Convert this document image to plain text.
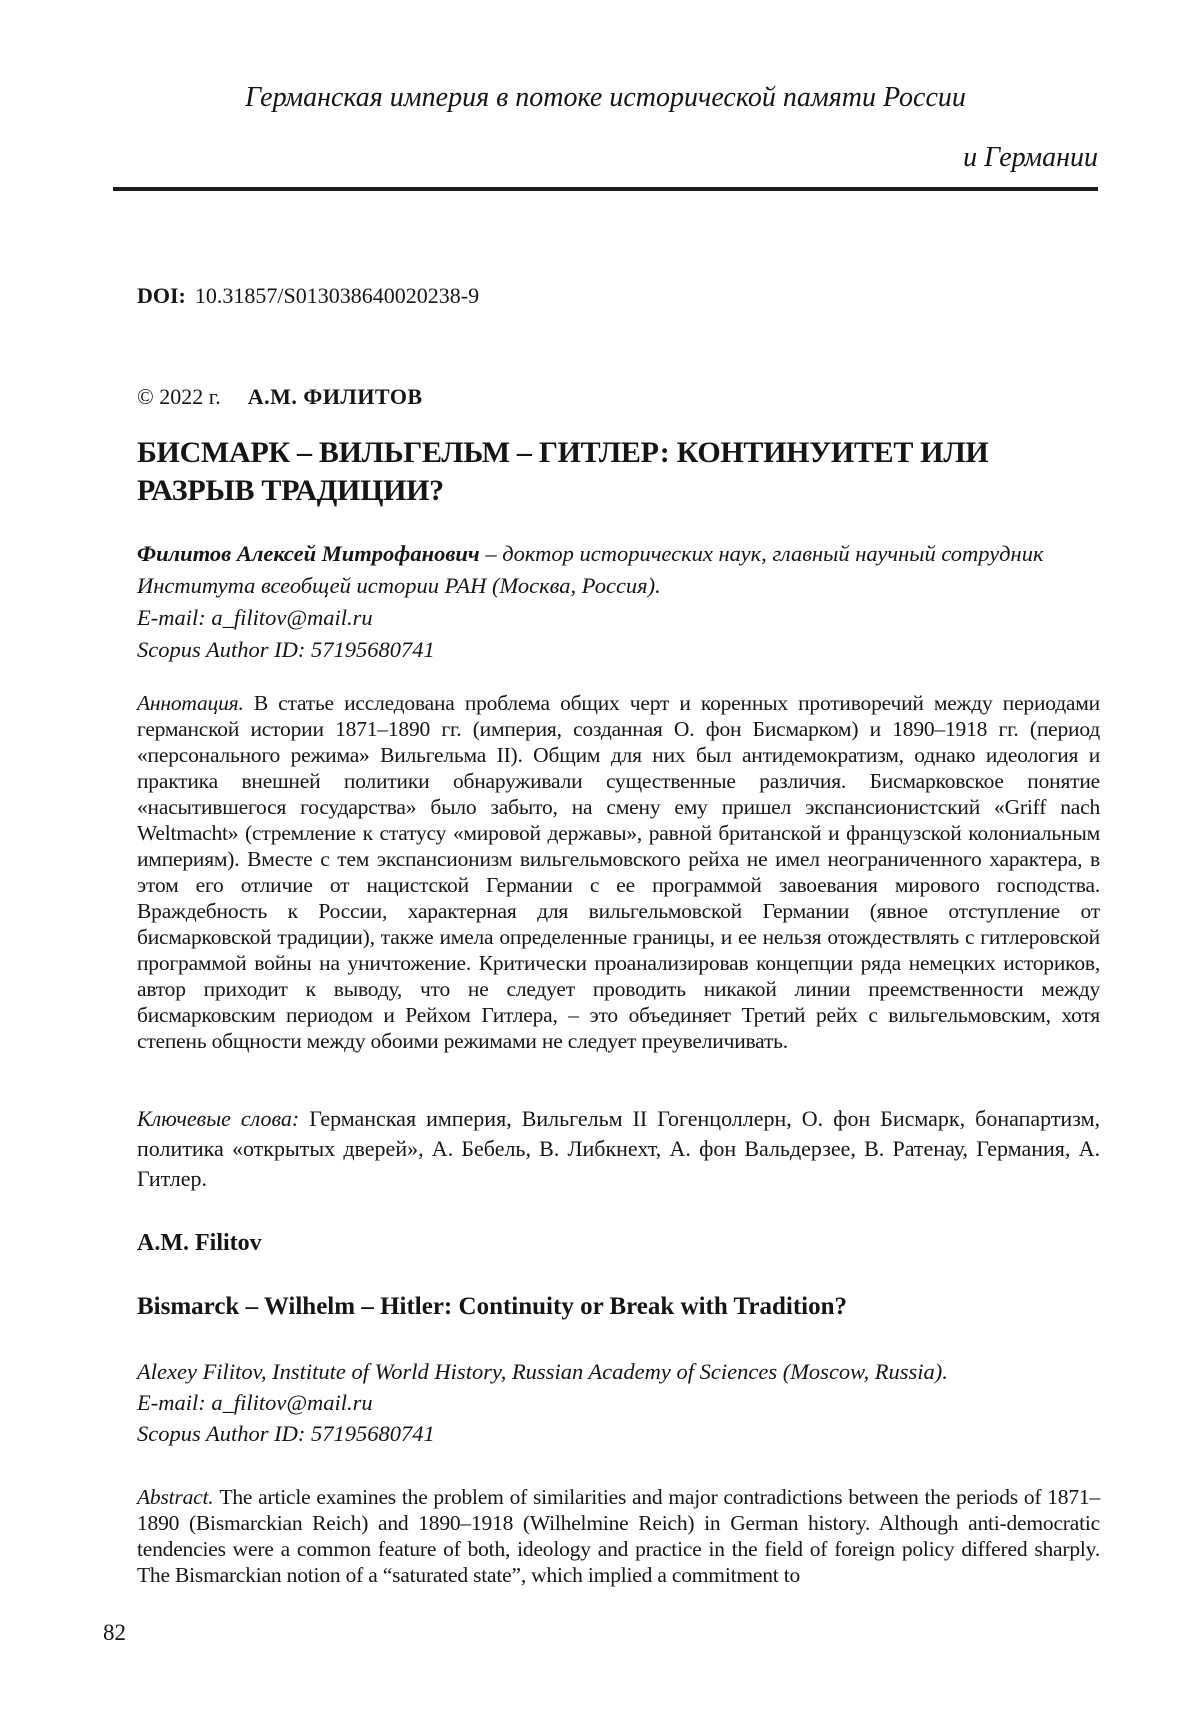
Германская империя в потоке исторической памяти России
и Германии
DOI: 10.31857/S013038640020238-9
© 2022 г. А.М. ФИЛИТОВ
БИСМАРК – ВИЛЬГЕЛЬМ – ГИТЛЕР: КОНТИНУИТЕТ ИЛИ РАЗРЫВ ТРАДИЦИИ?
Филитов Алексей Митрофанович – доктор исторических наук, главный научный сотрудник Института всеобщей истории РАН (Москва, Россия).
E-mail: a_filitov@mail.ru
Scopus Author ID: 57195680741
Аннотация. В статье исследована проблема общих черт и коренных противоречий между периодами германской истории 1871–1890 гг. (империя, созданная О. фон Бисмарком) и 1890–1918 гг. (период «персонального режима» Вильгельма II). Общим для них был антидемократизм, однако идеология и практика внешней политики обнаруживали существенные различия. Бисмарковское понятие «насытившегося государства» было забыто, на смену ему пришел экспансионистский «Griff nach Weltmacht» (стремление к статусу «мировой державы», равной британской и французской колониальным империям). Вместе с тем экспансионизм вильгельмовского рейха не имел неограниченного характера, в этом его отличие от нацистской Германии с ее программой завоевания мирового господства. Враждебность к России, характерная для вильгельмовской Германии (явное отступление от бисмарковской традиции), также имела определенные границы, и ее нельзя отождествлять с гитлеровской программой войны на уничтожение. Критически проанализировав концепции ряда немецких историков, автор приходит к выводу, что не следует проводить никакой линии преемственности между бисмарковским периодом и Рейхом Гитлера, – это объединяет Третий рейх с вильгельмовским, хотя степень общности между обоими режимами не следует преувеличивать.
Ключевые слова: Германская империя, Вильгельм II Гогенцоллерн, О. фон Бисмарк, бонапартизм, политика «открытых дверей», А. Бебель, В. Либкнехт, А. фон Вальдерзее, В. Ратенау, Германия, А. Гитлер.
A.M. Filitov
Bismarck – Wilhelm – Hitler: Continuity or Break with Tradition?
Alexey Filitov, Institute of World History, Russian Academy of Sciences (Moscow, Russia).
E-mail: a_filitov@mail.ru
Scopus Author ID: 57195680741
Abstract. The article examines the problem of similarities and major contradictions between the periods of 1871–1890 (Bismarckian Reich) and 1890–1918 (Wilhelmine Reich) in German history. Although anti-democratic tendencies were a common feature of both, ideology and practice in the field of foreign policy differed sharply. The Bismarckian notion of a “saturated state”, which implied a commitment to
82
